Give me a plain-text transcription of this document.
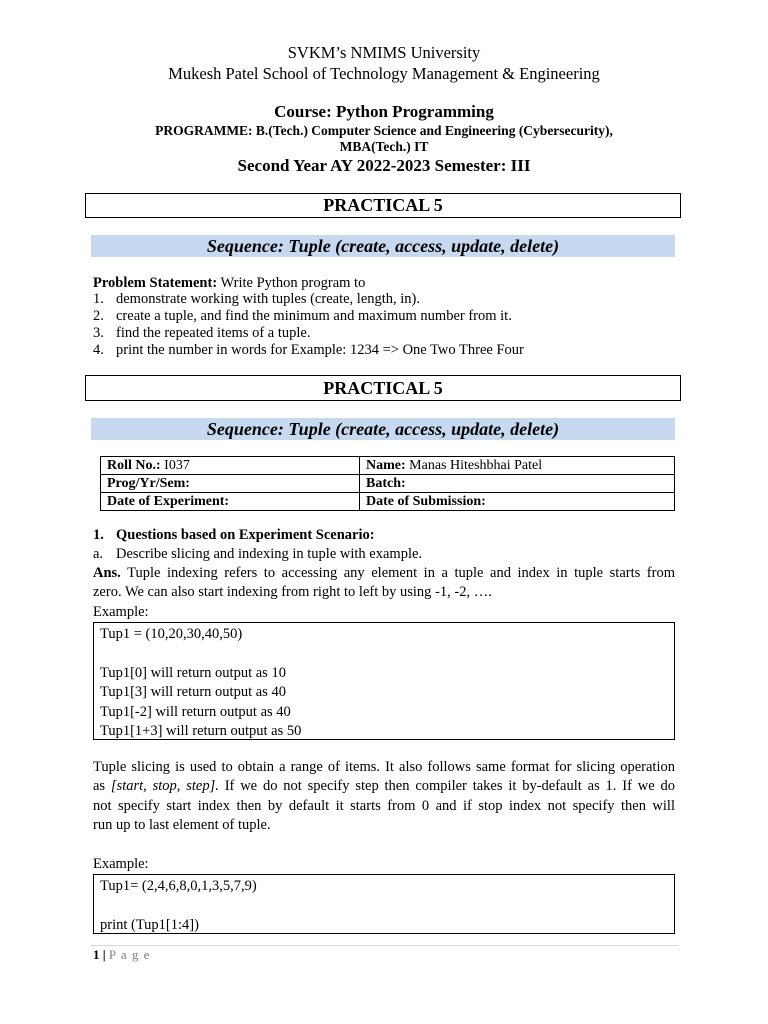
SVKM’s NMIMS University
Mukesh Patel School of Technology Management & Engineering
Course: Python Programming
PROGRAMME: B.(Tech.) Computer Science and Engineering (Cybersecurity),
MBA(Tech.) IT
Second Year AY 2022-2023 Semester: III
PRACTICAL 5
Sequence: Tuple (create, access, update, delete)
Problem Statement: Write Python program to
1. demonstrate working with tuples (create, length, in).
2. create a tuple, and find the minimum and maximum number from it.
3. find the repeated items of a tuple.
4. print the number in words for Example: 1234 => One Two Three Four
PRACTICAL 5
Sequence: Tuple (create, access, update, delete)
Roll No.: I037	Name: Manas Hiteshbhai Patel
Prog/Yr/Sem:	Batch:
Date of Experiment:	Date of Submission:
1. Questions based on Experiment Scenario:
a. Describe slicing and indexing in tuple with example.
Ans. Tuple indexing refers to accessing any element in a tuple and index in tuple starts from
zero. We can also start indexing from right to left by using -1, -2, ….
Example:
Tup1 = (10,20,30,40,50)
Tup1[0] will return output as 10
Tup1[3] will return output as 40
Tup1[-2] will return output as 40
Tup1[1+3] will return output as 50
Tuple slicing is used to obtain a range of items. It also follows same format for slicing operation
as [start, stop, step]. If we do not specify step then compiler takes it by-default as 1. If we do
not specify start index then by default it starts from 0 and if stop index not specify then will
run up to last element of tuple.
Example:
Tup1= (2,4,6,8,0,1,3,5,7,9)
print (Tup1[1:4])
1 | P a g e
